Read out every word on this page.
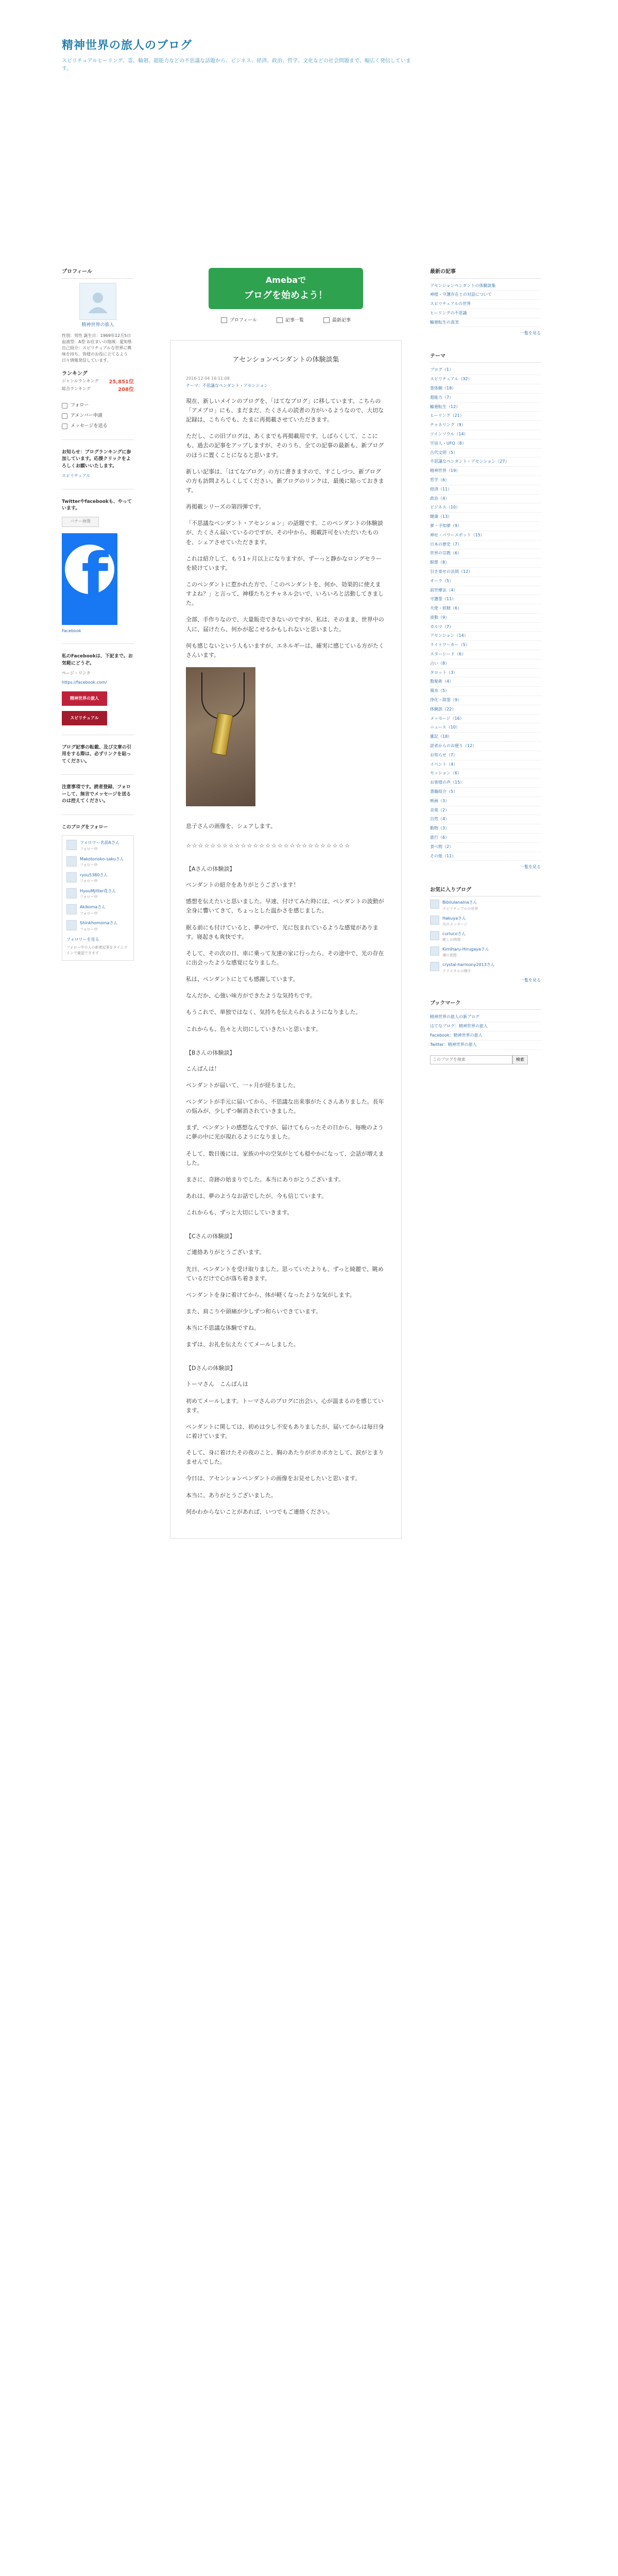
精神世界の旅人のブログ
スピリチュアルヒーリング、霊、輪廻、超能力などの不思議な話題から、ビジネス、経済、政治、哲学、文化などの社会問題まで、幅広く発信しています。
プロフィール
精神世界の旅人
性別：男性 誕生日：1969年12月5日 血液型：A型 お住まいの地域：愛知県 自己紹介：スピリチュアルな世界に興味を持ち、皆様のお役に立てるよう日々情報発信しています。
ランキング
ジャンルランキング 25,851位
総合ランキング	208位
フォロー
アメンバー申請
メッセージを送る
お知らせ：ブログランキングに参加しています。応援クリックをよろしくお願いいたします。
スピリチュアル
Twitterやfacebookも、やっています。
バナー画像
f
Facebook
私のFacebookは、下記まで。お気軽にどうぞ。
ページ・リンク
https://facebook.com/
精神世界の旅人
スピリチュアル
ブログ記事の転載、及び文章の引用をする際は、必ずリンクを貼ってください。
注意事項です。読者登録、フォローして、無言でメッセージを送るのは控えてください。
このブログをフォロー
フォロワー名前Aさん
フォロー中
Makotonoko-sakuさん
フォロー中
ryou5380さん
フォロー中
HyouMjitter花さん
フォロー中
Akikomaさん
フォロー中
Shinkhomomaさん
フォロー中
フォロワーを見る
フォロー中の人の新着記事をタイムラインで確認できます
Amebaで
ブログを始めよう！
プロフィール	記事一覧	最新記事
アセンションペンダントの体験談集
2016-12-04 16:11:08
テーマ：不思議なペンダント・アセンション

現在、新しいメインのブログを、「はてなブログ」に移しています。こちらの「アメブロ」にも、まだまだ、たくさんの読者の方がいるようなので、大切な記録は、こちらでも、たまに再掲載させていただきます。

ただし、この旧ブログは、あくまでも再掲載用です。しばらくして、ここにも、過去の記事をアップしますが、そのうち、全ての記事の最新も、新ブログのほうに置くことになると思います。

新しい記事は、「はてなブログ」の方に書きますので、すこしづつ、新ブログの方も訪問よろしくしてください。新ブログのリンクは、最後に貼っておきます。

再掲載シリーズの第四弾です。

「不思議なペンダント・アセンション」の話題です。このペンダントの体験談が、たくさん届いているのですが、その中から、掲載許可をいただいたものを、シェアさせていただきます。

これは紹介して、もう1ヶ月以上になりますが、ずーっと静かなロングセラーを続けています。

このペンダントに惹かれた方で、「このペンダントを、何か、効果的に使えますよね？」と言って、神様たちとチャネル会いで、いろいろと活動してきました。

全部、手作りなので、大量販売できないのですが、私は、そのまま、世界中の人に、届けたら、何かが起こせるかもしれないと思いました。

何も感じないという人もいますが、エネルギーは、確実に感じている方がたくさんいます。

息子さんの画像を、シェアします。

☆☆☆☆☆☆☆☆☆☆☆☆☆☆☆☆☆☆☆☆☆☆☆☆☆☆☆
【Aさんの体験談】

ペンダントの紹介をありがとうございます！

感想を伝えたいと思いました。早速、付けてみた時には、ペンダントの波動が全身に響いてきて、ちょっとした温かさを感じました。

眠る前にも付けていると、夢の中で、光に包まれているような感覚があります。寝起きも爽快です。

そして、その次の日、車に乗って友達の家に行ったら、その途中で、光の存在に出会ったような感覚になりました。

私は、ペンダントにとても感謝しています。

なんだか、心強い味方ができたような気持ちです。

もうこれで、単独ではなく、気持ちを伝えられるようになりました。

これからも、色々と大切にしていきたいと思います。

【Bさんの体験談】

こんばんは！

ペンダントが届いて、一ヶ月が経ちました。

ペンダントが手元に届いてから、不思議な出来事がたくさんありました。長年の悩みが、少しずつ解消されていきました。

まず、ペンダントの感想なんですが、届けてもらったその日から、毎晩のように夢の中に光が現れるようになりました。

そして、数日後には、家族の中の空気がとても穏やかになって、会話が増えました。

まさに、奇跡の始まりでした。本当にありがとうございます。

あれは、夢のようなお話でしたが、今も信じています。

これからも、ずっと大切にしていきます。

【Cさんの体験談】

ご連絡ありがとうございます。

先日、ペンダントを受け取りました。思っていたよりも、ずっと綺麗で、眺めているだけで心が落ち着きます。

ペンダントを身に着けてから、体が軽くなったような気がします。

また、肩こりや頭痛が少しずつ和らいできています。

本当に不思議な体験ですね。

まずは、お礼を伝えたくてメールしました。

【Dさんの体験談】

トーマさん　こんばんは

初めてメールします。トーマさんのブログに出会い、心が温まるのを感じています。

ペンダントに関しては、初めは少し不安もありましたが、届いてからは毎日身に着けています。

そして、身に着けたその夜のこと、胸のあたりがポカポカとして、涙がとまりませんでした。

今日は、アセンションペンダントの画像をお見せしたいと思います。

本当に、ありがとうございました。

何かわからないことがあれば、いつでもご連絡ください。

最新の記事
アセンションペンダントの体験談集
神様・守護存在との対話について
スピリチュアルの世界
ヒーリングの不思議
輪廻転生の真実
一覧を見る
テーマ
ブログ（1）
スピリチュアル（32）
霊体験（18）
超能力（7）
輪廻転生（12）
ヒーリング（21）
チャネリング（9）
ツインソウル（14）
宇宙人・UFO（8）
古代文明（5）
不思議なペンダント・アセンション（27）
精神世界（19）
哲学（6）
経済（11）
政治（4）
ビジネス（10）
健康（13）
夢・予知夢（9）
神社・パワースポット（15）
日本の歴史（7）
世界の宗教（6）
瞑想（8）
引き寄せの法則（12）
オーラ（5）
前世療法（4）
守護霊（11）
天使・妖精（6）
波動（9）
カルマ（7）
アセンション（14）
ライトワーカー（5）
スターシード（6）
占い（8）
タロット（3）
数秘術（4）
風水（5）
浄化・除霊（9）
体験談（22）
メッセージ（16）
ニュース（10）
雑記（18）
読者からのお便り（12）
お知らせ（7）
イベント（4）
セッション（6）
お客様の声（15）
書籍紹介（5）
映画（3）
音楽（2）
自然（4）
動物（3）
旅行（6）
食べ物（2）
その他（11）
一覧を見る
お気に入りブログ
Bibilulanalnaさん
スピリチュアルの世界
Hakuyaさん
光のメッセージ
curlucoさん
癒しの時間
Kimiharu-Hirugayaさん
魂の旅路
crystal-harmony2013さん
クリスタルの輝き
一覧を見る
ブックマーク
精神世界の旅人の新ブログ
はてなブログ：精神世界の旅人
Facebook：精神世界の旅人
Twitter：精神世界の旅人
このブログを検索
検索
